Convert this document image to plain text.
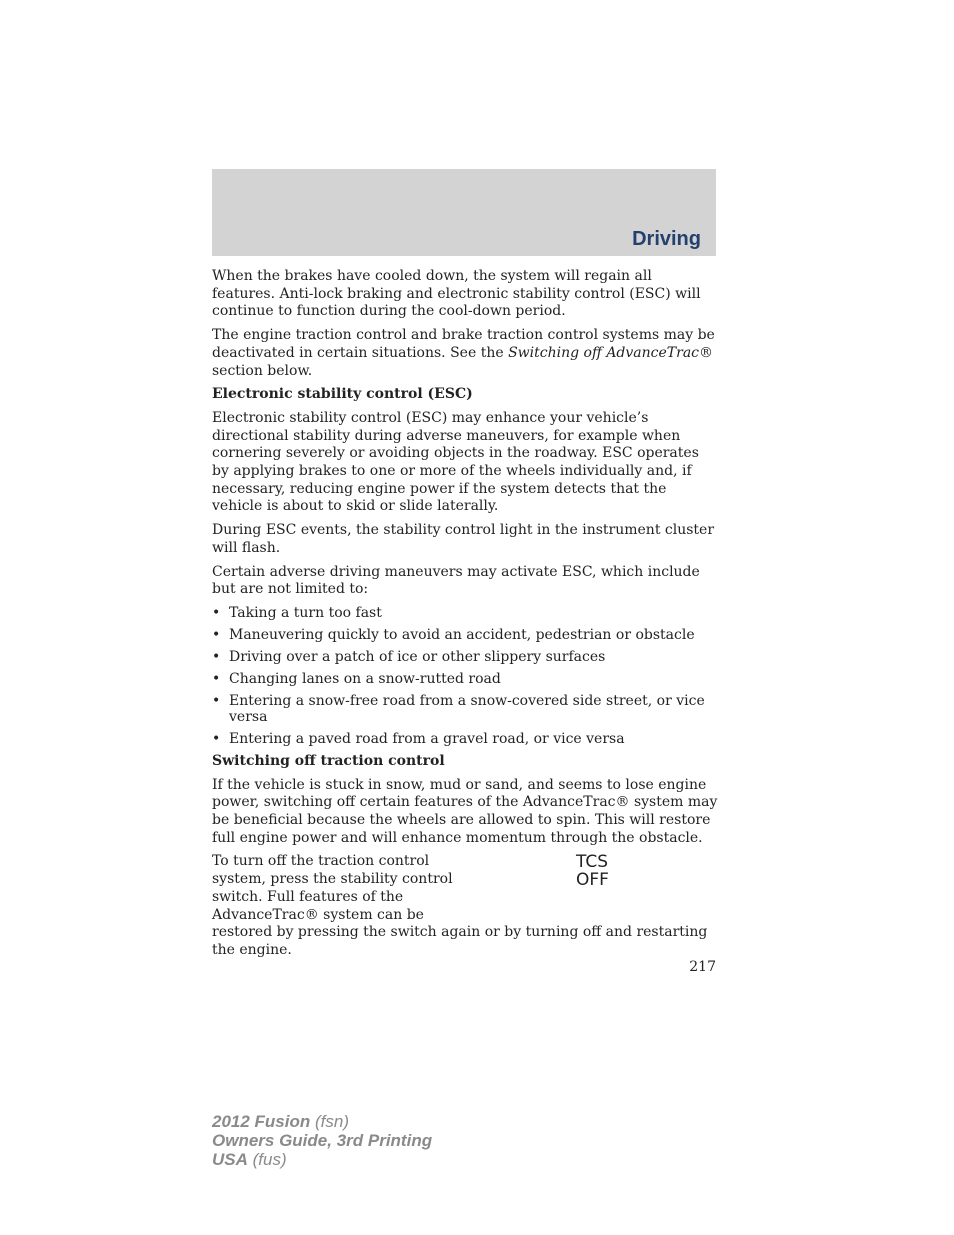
Driving

When the brakes have cooled down, the system will regain all features. Anti-lock braking and electronic stability control (ESC) will continue to function during the cool-down period.

The engine traction control and brake traction control systems may be deactivated in certain situations. See the Switching off AdvanceTrac® section below.

Electronic stability control (ESC)

Electronic stability control (ESC) may enhance your vehicle’s directional stability during adverse maneuvers, for example when cornering severely or avoiding objects in the roadway. ESC operates by applying brakes to one or more of the wheels individually and, if necessary, reducing engine power if the system detects that the vehicle is about to skid or slide laterally.

During ESC events, the stability control light in the instrument cluster will flash.

Certain adverse driving maneuvers may activate ESC, which include but are not limited to:

• Taking a turn too fast
• Maneuvering quickly to avoid an accident, pedestrian or obstacle
• Driving over a patch of ice or other slippery surfaces
• Changing lanes on a snow-rutted road
• Entering a snow-free road from a snow-covered side street, or vice versa
• Entering a paved road from a gravel road, or vice versa
Switching off traction control

If the vehicle is stuck in snow, mud or sand, and seems to lose engine power, switching off certain features of the AdvanceTrac® system may be beneficial because the wheels are allowed to spin. This will restore full engine power and will enhance momentum through the obstacle.

To turn off the traction control system, press the stability control switch. Full features of the AdvanceTrac® system can be
TCS
OFF
restored by pressing the switch again or by turning off and restarting the engine.
217
2012 Fusion (fsn)
Owners Guide, 3rd Printing
USA (fus)
